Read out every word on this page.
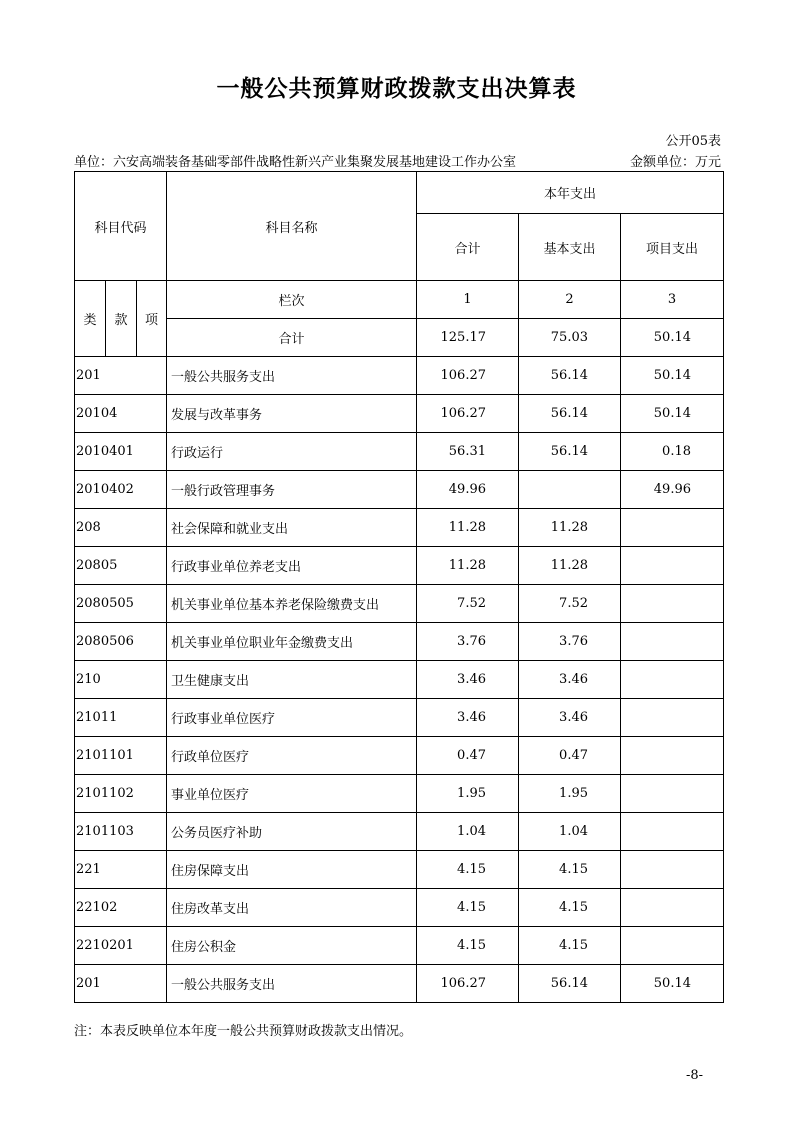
一般公共预算财政拨款支出决算表
公开05表
单位：六安高端装备基础零部件战略性新兴产业集聚发展基地建设工作办公室	金额单位：万元
科目代码			科目名称	本年支出		
				合计	基本支出	项目支出
类	款	项	栏次	1	2	3
			合计	125.17	75.03	50.14
201			一般公共服务支出	106.27	56.14	50.14
20104			发展与改革事务	106.27	56.14	50.14
2010401			行政运行	56.31	56.14	0.18
2010402			一般行政管理事务	49.96		49.96
208			社会保障和就业支出	11.28	11.28	
20805			行政事业单位养老支出	11.28	11.28	
2080505			机关事业单位基本养老保险缴费支出	7.52	7.52	
2080506			机关事业单位职业年金缴费支出	3.76	3.76	
210			卫生健康支出	3.46	3.46	
21011			行政事业单位医疗	3.46	3.46	
2101101			行政单位医疗	0.47	0.47	
2101102			事业单位医疗	1.95	1.95	
2101103			公务员医疗补助	1.04	1.04	
221			住房保障支出	4.15	4.15	
22102			住房改革支出	4.15	4.15	
2210201			住房公积金	4.15	4.15	
201			一般公共服务支出	106.27	56.14	50.14
注：本表反映单位本年度一般公共预算财政拨款支出情况。
-8-
